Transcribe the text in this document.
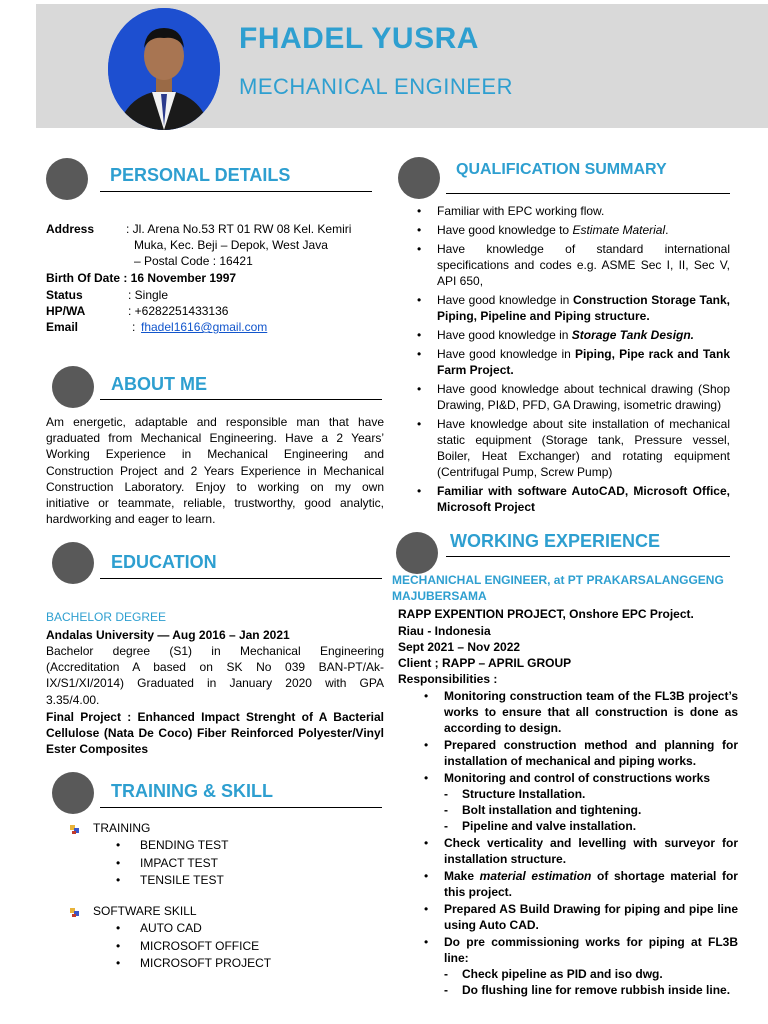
FHADEL YUSRA
MECHANICAL ENGINEER
PERSONAL DETAILS
Address	: Jl. Arena No.53 RT 01 RW 08 Kel. Kemiri
Muka, Kec. Beji – Depok, West Java
– Postal Code : 16421
Birth Of Date : 16 November 1997
Status	: Single
HP/WA	: +6282251433136
Email	: fhadel1616@gmail.com
ABOUT ME
Am energetic, adaptable and responsible man that have
graduated from Mechanical Engineering. Have a 2 Years’
Working Experience in Mechanical Engineering and
Construction Project and 2 Years Experience in Mechanical
Construction Laboratory. Enjoy to working on my own
initiative or teammate, reliable, trustworthy, good analytic,
hardworking and eager to learn.
EDUCATION
BACHELOR DEGREE
Andalas University — Aug 2016 – Jan 2021
Bachelor degree (S1) in Mechanical Engineering
(Accreditation A based on SK No 039 BAN-PT/Ak-
IX/S1/XI/2014) Graduated in January 2020 with GPA
3.35/4.00.
Final Project : Enhanced Impact Strenght of A Bacterial
Cellulose (Nata De Coco) Fiber Reinforced Polyester/Vinyl
Ester Composites
TRAINING & SKILL
TRAINING
• BENDING TEST
• IMPACT TEST
• TENSILE TEST
SOFTWARE SKILL
• AUTO CAD
• MICROSOFT OFFICE
• MICROSOFT PROJECT
QUALIFICATION SUMMARY
• Familiar with EPC working flow.
• Have good knowledge to Estimate Material.
• Have knowledge of standard international specifications and codes e.g. ASME Sec I, II, Sec V, API 650,
• Have good knowledge in Construction Storage Tank, Piping, Pipeline and Piping structure.
• Have good knowledge in Storage Tank Design.
• Have good knowledge in Piping, Pipe rack and Tank Farm Project.
• Have good knowledge about technical drawing (Shop Drawing, PI&D, PFD, GA Drawing, isometric drawing)
• Have knowledge about site installation of mechanical static equipment (Storage tank, Pressure vessel, Boiler, Heat Exchanger) and rotating equipment (Centrifugal Pump, Screw Pump)
• Familiar with software AutoCAD, Microsoft Office, Microsoft Project
WORKING EXPERIENCE
MECHANICHAL ENGINEER, at PT PRAKARSALANGGENG
MAJUBERSAMA
RAPP EXPENTION PROJECT, Onshore EPC Project.
Riau - Indonesia
Sept 2021 – Nov 2022
Client ; RAPP – APRIL GROUP
Responsibilities :
• Monitoring construction team of the FL3B project’s works to ensure that all construction is done as according to design.
• Prepared construction method and planning for installation of mechanical and piping works.
• Monitoring and control of constructions works
- Structure Installation.
- Bolt installation and tightening.
- Pipeline and valve installation.
• Check verticality and levelling with surveyor for installation structure.
• Make material estimation of shortage material for this project.
• Prepared AS Build Drawing for piping and pipe line using Auto CAD.
• Do pre commissioning works for piping at FL3B line:
- Check pipeline as PID and iso dwg.
- Do flushing line for remove rubbish inside line.
